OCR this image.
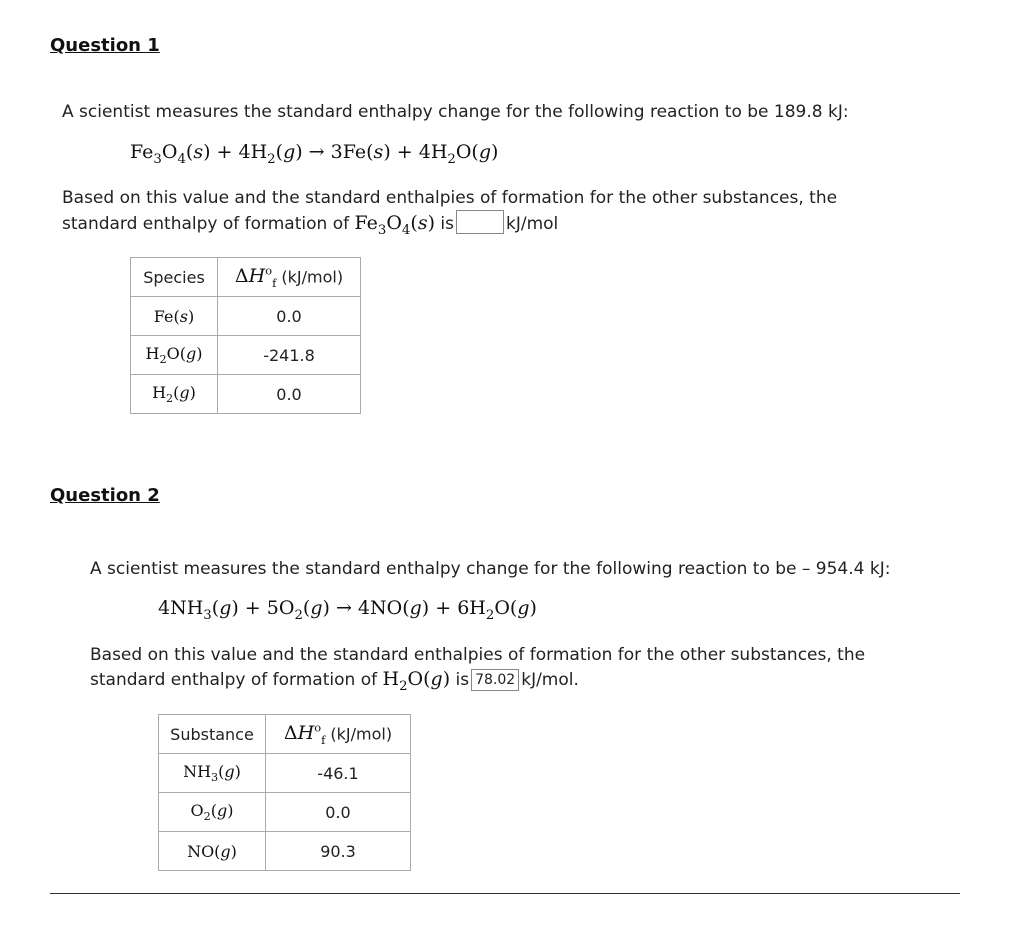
Question 1
A scientist measures the standard enthalpy change for the following reaction to be 189.8 kJ:
$Fe_3O_4(s) + 4H_2(g) \to 3Fe(s) + 4H_2O(g)$
Based on this value and the standard enthalpies of formation for the other substances, the
standard enthalpy of formation of $Fe_3O_4(s)$ is	kJ/mol
Species	$\Delta H^o_f$ (kJ/mol)
Fe(s)	0.0
$H_2O(g)$	-241.8
$H_2(g)$	0.0
Question 2
A scientist measures the standard enthalpy change for the following reaction to be – 954.4 kJ:
$4NH_3(g) + 5O_2(g) \to 4NO(g) + 6H_2O(g)$
Based on this value and the standard enthalpies of formation for the other substances, the
standard enthalpy of formation of $H_2O(g)$ is 78.02 kJ/mol.
Substance	$\Delta H^o_f$ (kJ/mol)
$NH_3(g)$	-46.1
$O_2(g)$	0.0
NO(g)	90.3
